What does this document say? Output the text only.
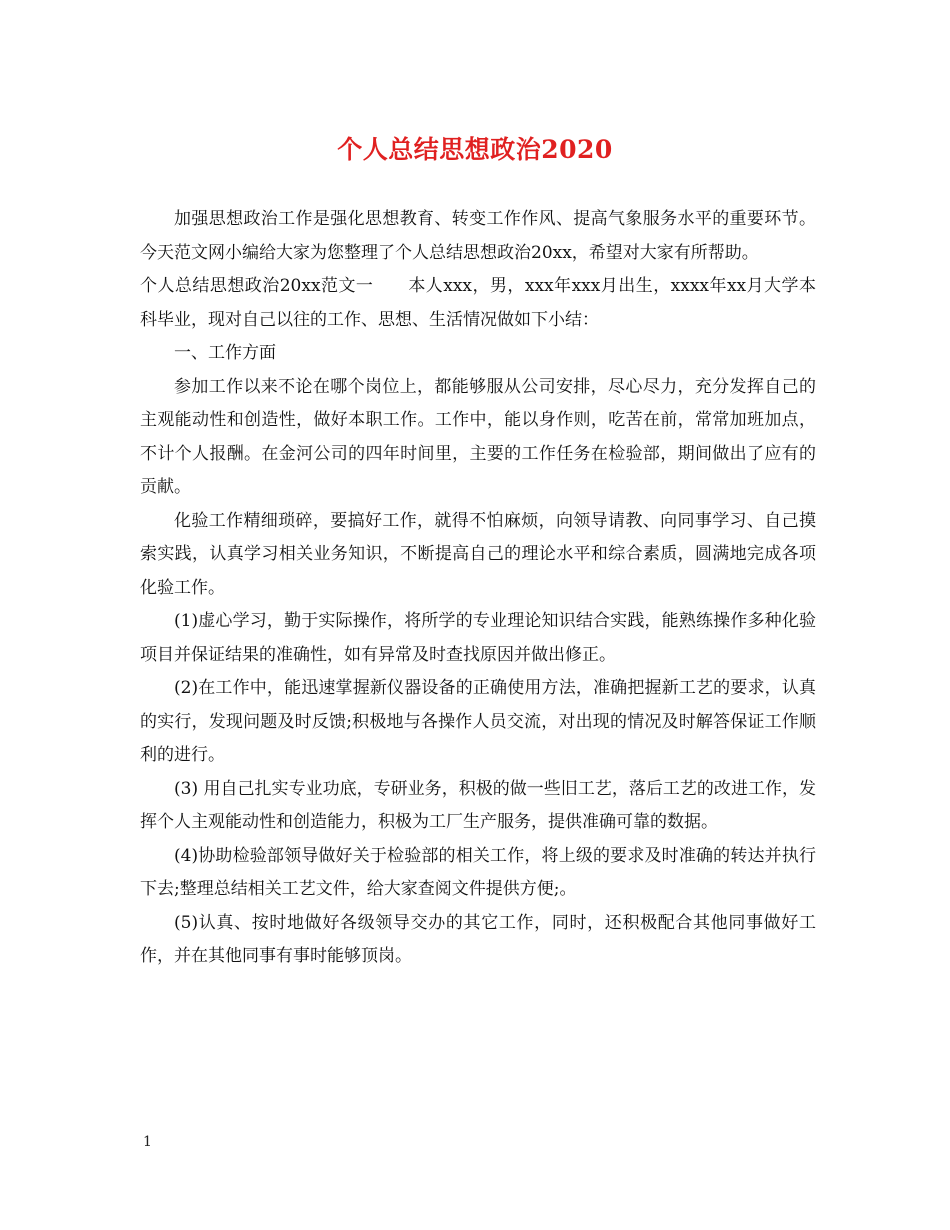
个人总结思想政治2020

加强思想政治工作是强化思想教育、转变工作作风、提高气象服务水平的重要环节。今天范文网小编给大家为您整理了个人总结思想政治20xx，希望对大家有所帮助。

个人总结思想政治20xx范文一　　本人xxx，男，xxx年xxx月出生，xxxx年xx月大学本科毕业，现对自己以往的工作、思想、生活情况做如下小结：

一、工作方面

参加工作以来不论在哪个岗位上，都能够服从公司安排，尽心尽力，充分发挥自己的主观能动性和创造性，做好本职工作。工作中，能以身作则，吃苦在前，常常加班加点，不计个人报酬。在金河公司的四年时间里，主要的工作任务在检验部，期间做出了应有的贡献。

化验工作精细琐碎，要搞好工作，就得不怕麻烦，向领导请教、向同事学习、自己摸索实践，认真学习相关业务知识，不断提高自己的理论水平和综合素质，圆满地完成各项化验工作。

(1)虚心学习，勤于实际操作，将所学的专业理论知识结合实践，能熟练操作多种化验项目并保证结果的准确性，如有异常及时查找原因并做出修正。

(2)在工作中，能迅速掌握新仪器设备的正确使用方法，准确把握新工艺的要求，认真的实行，发现问题及时反馈;积极地与各操作人员交流，对出现的情况及时解答保证工作顺利的进行。

(3) 用自己扎实专业功底，专研业务，积极的做一些旧工艺，落后工艺的改进工作，发挥个人主观能动性和创造能力，积极为工厂生产服务，提供准确可靠的数据。

(4)协助检验部领导做好关于检验部的相关工作，将上级的要求及时准确的转达并执行下去;整理总结相关工艺文件，给大家查阅文件提供方便;。

(5)认真、按时地做好各级领导交办的其它工作，同时，还积极配合其他同事做好工作，并在其他同事有事时能够顶岗。

1
